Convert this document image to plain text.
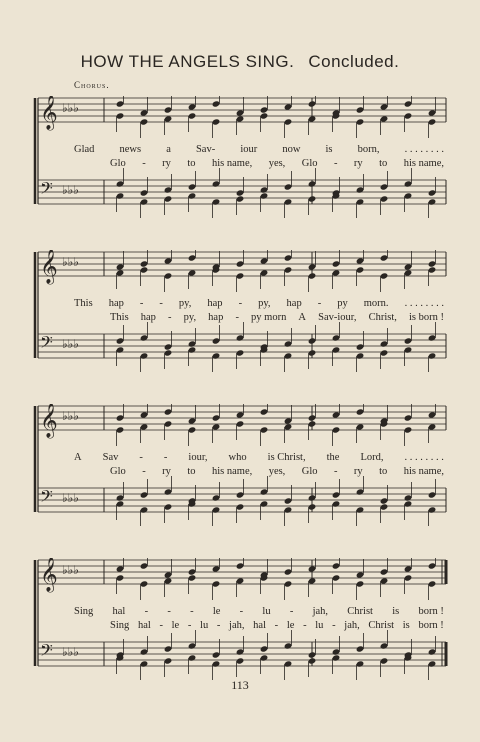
HOW THE ANGELS SING. Concluded.
Chorus.
𝄞 ♭♭♭
𝄢 ♭♭♭
Glad news a Sav- iour now is born, . . . . . . . .
Glo - ry to his name, yes, Glo - ry to his name,
𝄞 ♭♭♭
𝄢 ♭♭♭
This hap - - py, hap - py, hap - py morn. . . . . . . . .
This hap - py, hap - py morn A Sav-iour, Christ, is born !
𝄞 ♭♭♭
𝄢 ♭♭♭
A Sav - - iour, who is Christ, the Lord, . . . . . . . .
Glo - ry to his name, yes, Glo - ry to his name,
𝄞 ♭♭♭
𝄢 ♭♭♭
Sing hal - - - le - lu - jah, Christ is born !
Sing hal - le - lu - jah, hal - le - lu - jah, Christ is born !
113
